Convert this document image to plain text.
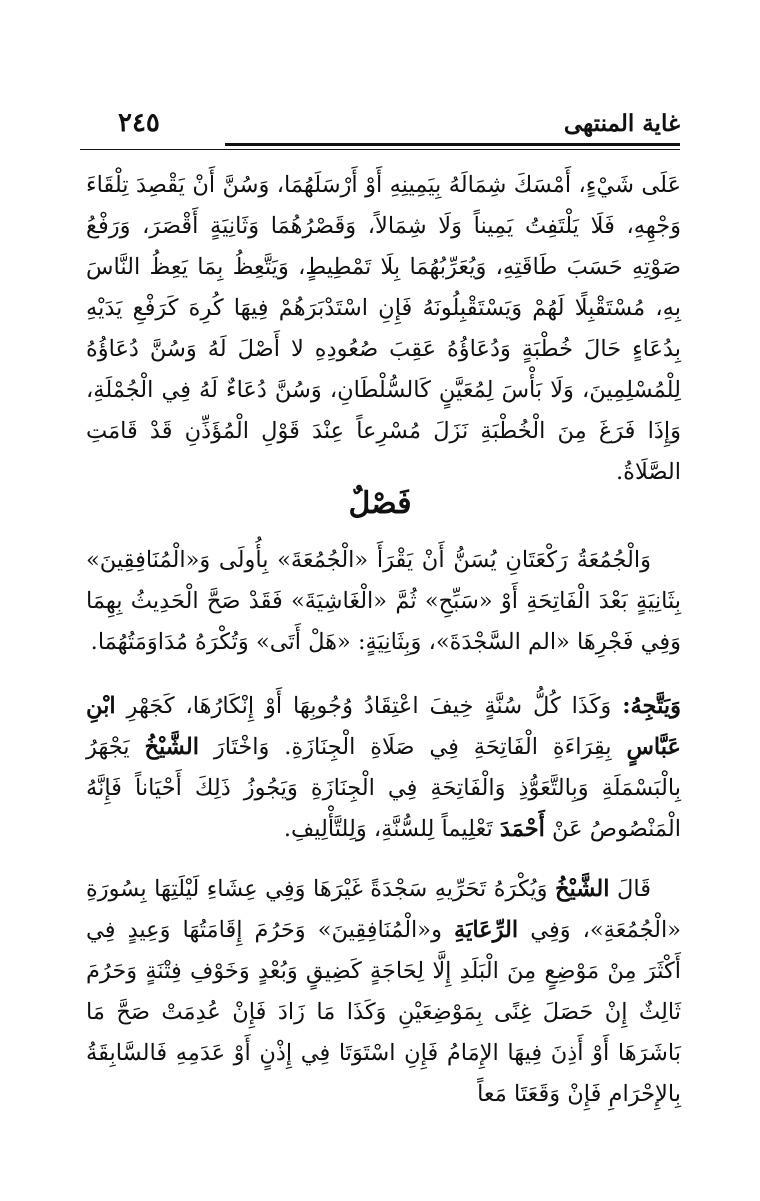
غاية المنتهى
٢٤٥
عَلَى شَيْءٍ، أَمْسَكَ شِمَالَهُ بِيَمِينِهِ أَوْ أَرْسَلَهُمَا، وَسُنَّ أَنْ يَقْصِدَ تِلْقَاءَ وَجْهِهِ، فَلَا يَلْتَفِتُ يَمِيناً وَلَا شِمَالاً، وَقَصْرُهُمَا وَثَانِيَةٍ أَقْصَرَ، وَرَفْعُ صَوْتِهِ حَسَبَ طَاقَتِهِ، وَيُعَرِّبُهُمَا بِلَا تَمْطِيطٍ، وَيَتَّعِظُ بِمَا يَعِظُ النَّاسَ بِهِ، مُسْتَقْبِلًا لَهُمْ وَيَسْتَقْبِلُونَهُ فَإِنِ اسْتَدْبَرَهُمْ فِيهَا كُرِهَ كَرَفْعِ يَدَيْهِ بِدُعَاءٍ حَالَ خُطْبَةٍ وَدُعَاؤُهُ عَقِبَ صُعُودِهِ لا أَصْلَ لَهُ وَسُنَّ دُعَاؤُهُ لِلْمُسْلِمِينَ، وَلَا بَأْسَ لِمُعَيَّنٍ كَالسُّلْطَانِ، وَسُنَّ دُعَاءٌ لَهُ فِي الْجُمْلَةِ، وَإِذَا فَرَغَ مِنَ الْخُطْبَةِ نَزَلَ مُسْرِعاً عِنْدَ قَوْلِ الْمُؤَذِّنِ قَدْ قَامَتِ الصَّلَاةُ.
فَصْلٌ
وَالْجُمُعَةُ رَكْعَتَانِ يُسَنُّ أَنْ يَقْرَأَ «الْجُمُعَةَ» بِأُولَى وَ«الْمُنَافِقِينَ» بِثَانِيَةٍ بَعْدَ الْفَاتِحَةِ أَوْ «سَبِّحِ» ثُمَّ «الْغَاشِيَةَ» فَقَدْ صَحَّ الْحَدِيثُ بِهِمَا وَفِي فَجْرِهَا «الم السَّجْدَةَ»، وَبِثَانِيَةٍ: «هَلْ أَتَى» وَتُكْرَهُ مُدَاوَمَتُهُمَا.
وَيَتَّجِهُ: وَكَذَا كُلُّ سُنَّةٍ خِيفَ اعْتِقَادُ وُجُوبِهَا أَوْ إِنْكَارُهَا، كَجَهْرِ ابْنِ عَبَّاسٍ بِقِرَاءَةِ الْفَاتِحَةِ فِي صَلَاةِ الْجِنَازَةِ. وَاخْتَارَ الشَّيْخُ يَجْهَرُ بِالْبَسْمَلَةِ وَبِالتَّعَوُّذِ وَالْفَاتِحَةِ فِي الْجِنَازَةِ وَيَجُوزُ ذَلِكَ أَحْيَاناً فَإِنَّهُ الْمَنْصُوصُ عَنْ أَحْمَدَ تَعْلِيماً لِلسُّنَّةِ، وَلِلتَّأْلِيفِ.
قَالَ الشَّيْخُ وَيُكْرَهُ تَحَرِّيهِ سَجْدَةً غَيْرَهَا وَفِي عِشَاءِ لَيْلَتِهَا بِسُورَةِ «الْجُمُعَةِ»، وَفِي الرِّعَايَةِ و«الْمُنَافِقِينَ» وَحَرُمَ إِقَامَتُهَا وَعِيدٍ فِي أَكْثَرَ مِنْ مَوْضِعٍ مِنَ الْبَلَدِ إِلَّا لِحَاجَةٍ كَضِيقٍ وَبُعْدٍ وَخَوْفِ فِتْنَةٍ وَحَرُمَ ثَالِثٌ إِنْ حَصَلَ غِنًى بِمَوْضِعَيْنِ وَكَذَا مَا زَادَ فَإِنْ عُدِمَتْ صَحَّ مَا بَاشَرَهَا أَوْ أَذِنَ فِيهَا الإِمَامُ فَإِنِ اسْتَوَتَا فِي إِذْنٍ أَوْ عَدَمِهِ فَالسَّابِقَةُ بِالإِحْرَامِ فَإِنْ وَقَعَتَا مَعاً
